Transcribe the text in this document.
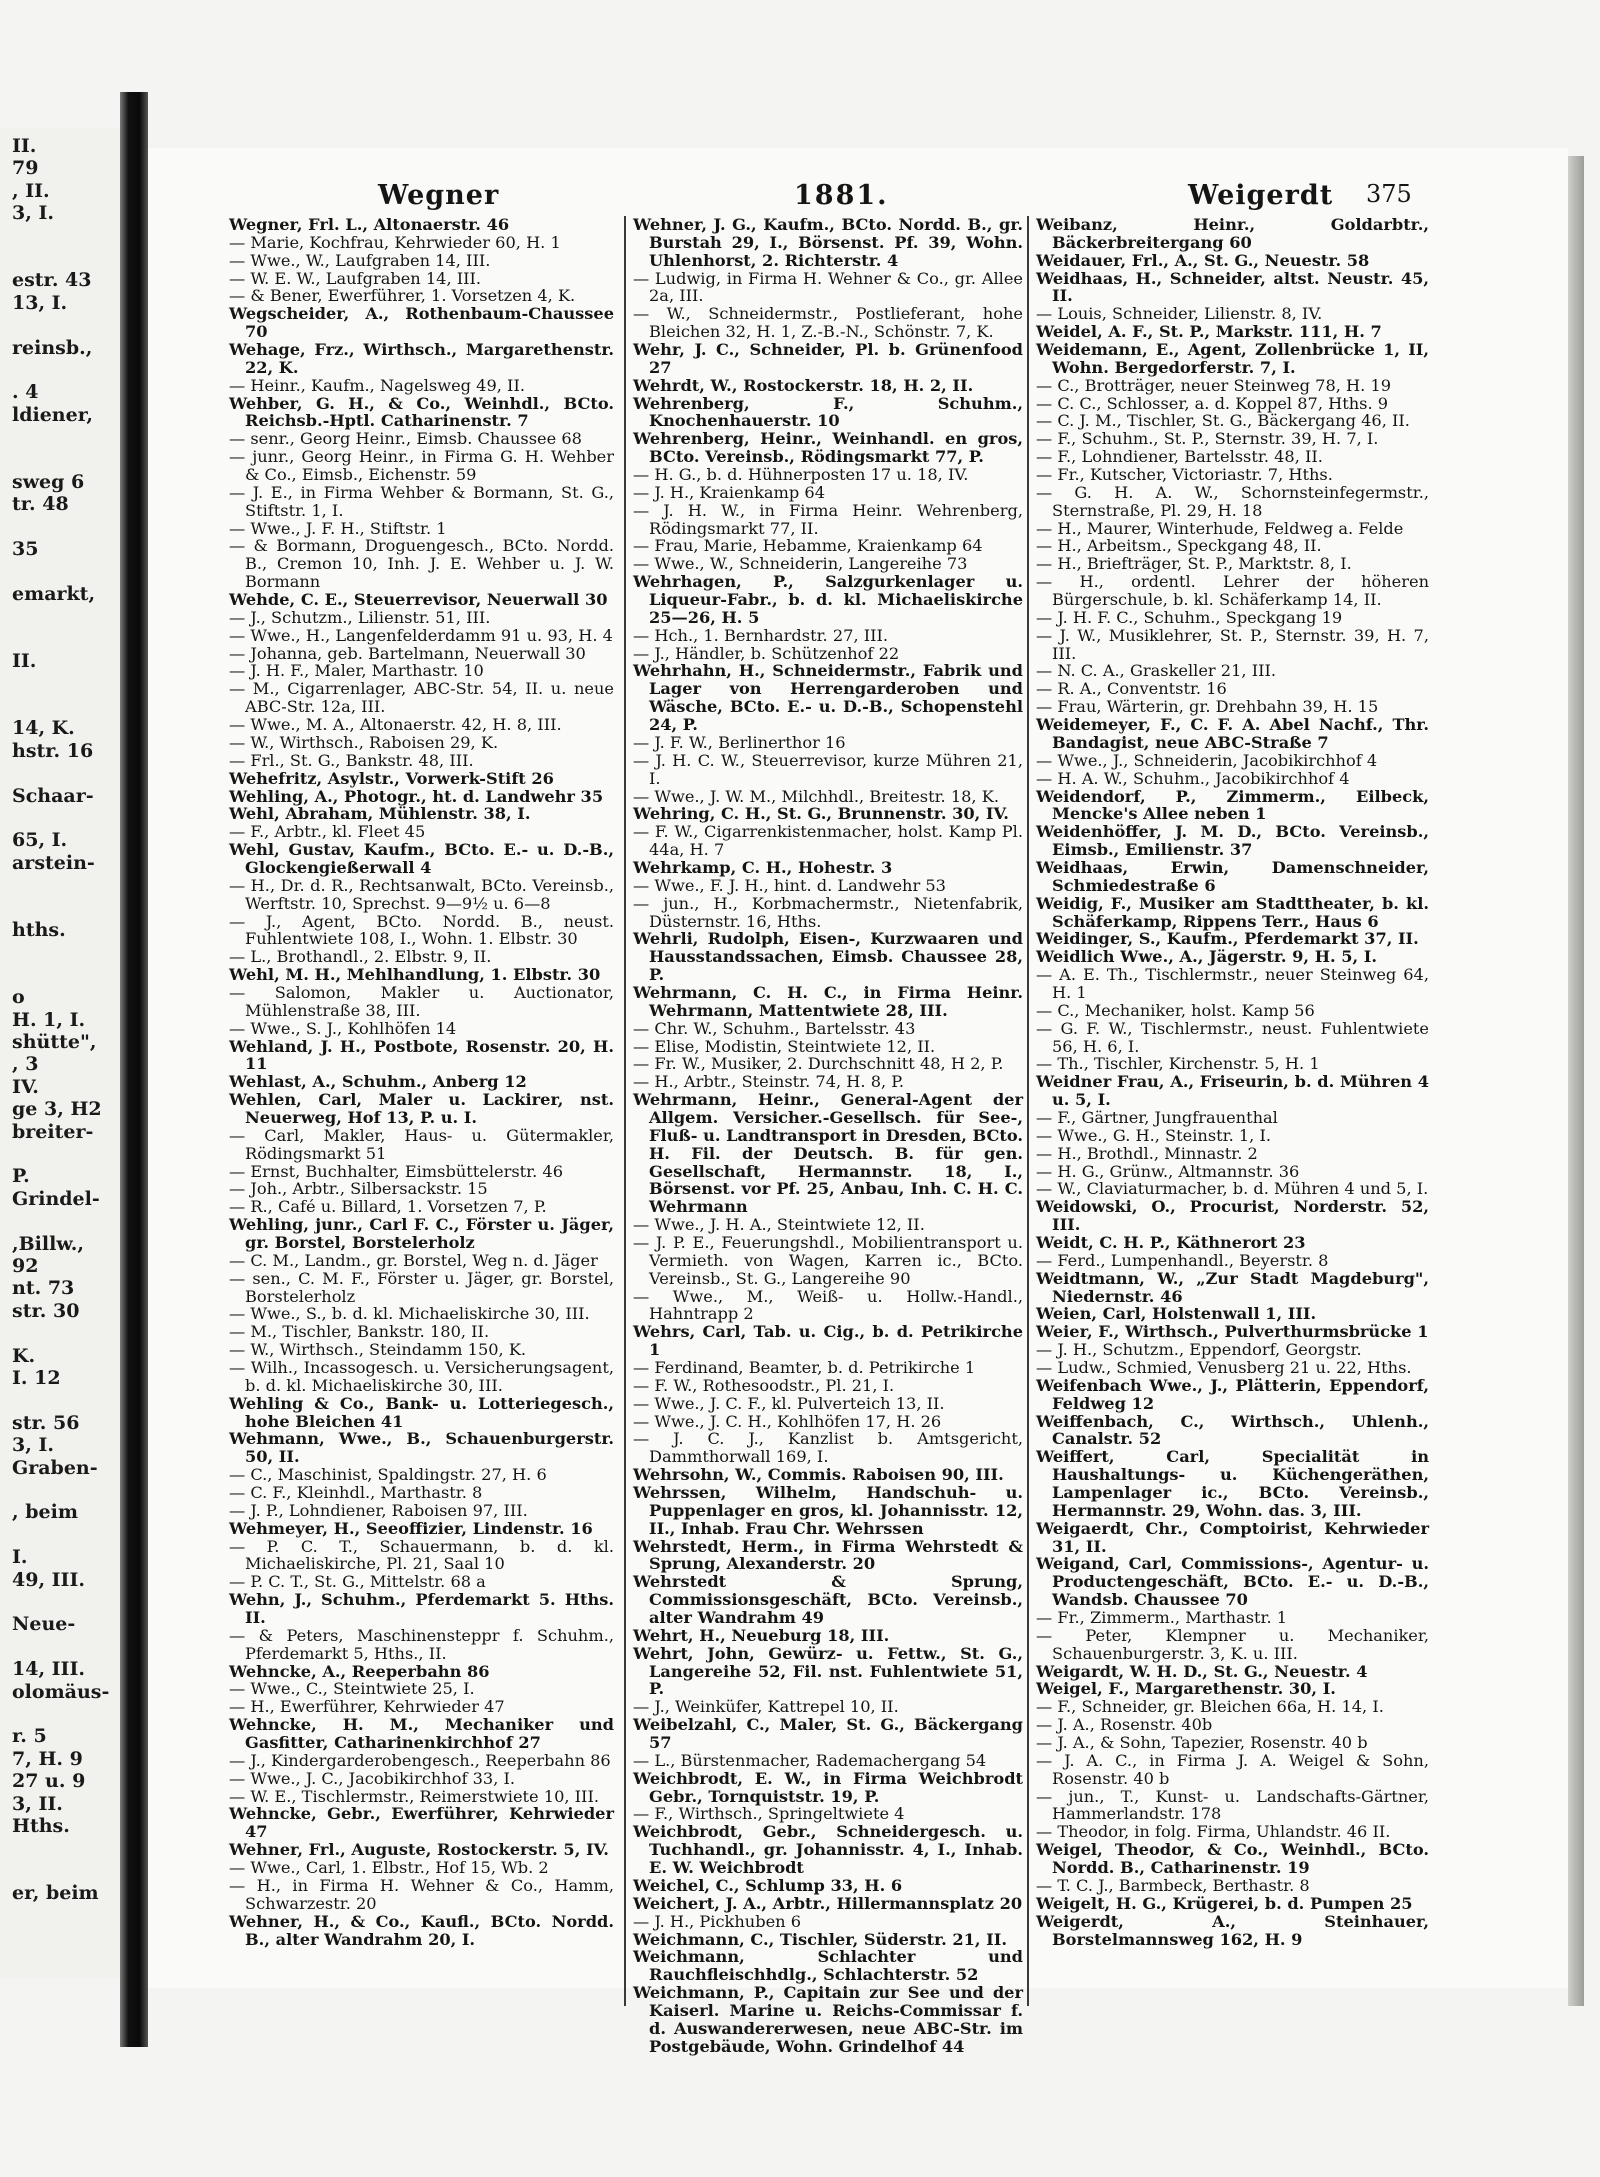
II.
79
, II.
3, I.
estr. 43
13, I.
reinsb.,
. 4
ldiener,
sweg 6
tr. 48
35
emarkt,
II.
14, K.
hstr. 16
Schaar-
65, I.
arstein-
hths.
o
H. 1, I.
shütte",
, 3
IV.
ge 3, H2
breiter-
P.
Grindel-
,Billw.,
92
nt. 73
str. 30
K.
I. 12
str. 56
3, I.
Graben-
, beim
I.
49, III.
Neue-
14, III.
olomäus-
r. 5
7, H. 9
27 u. 9
3, II.
Hths.
er, beim
Wegner	1881.	Weigerdt 375

Wegner, Frl. L., Altonaerstr. 46

— Marie, Kochfrau, Kehrwieder 60, H. 1

— Wwe., W., Laufgraben 14, III.

— W. E. W., Laufgraben 14, III.

— & Bener, Ewerführer, 1. Vorsetzen 4, K.

Wegscheider, A., Rothenbaum-Chaussee 70

Wehage, Frz., Wirthsch., Margarethenstr. 22, K.

— Heinr., Kaufm., Nagelsweg 49, II.

Wehber, G. H., & Co., Weinhdl., BCto. Reichsb.-Hptl. Catharinenstr. 7

— senr., Georg Heinr., Eimsb. Chaussee 68

— junr., Georg Heinr., in Firma G. H. Wehber & Co., Eimsb., Eichenstr. 59

— J. E., in Firma Wehber & Bormann, St. G., Stiftstr. 1, I.

— Wwe., J. F. H., Stiftstr. 1

— & Bormann, Droguengesch., BCto. Nordd. B., Cremon 10, Inh. J. E. Wehber u. J. W. Bormann

Wehde, C. E., Steuerrevisor, Neuerwall 30

— J., Schutzm., Lilienstr. 51, III.

— Wwe., H., Langenfelderdamm 91 u. 93, H. 4

— Johanna, geb. Bartelmann, Neuerwall 30

— J. H. F., Maler, Marthastr. 10

— M., Cigarrenlager, ABC-Str. 54, II. u. neue ABC-Str. 12a, III.

— Wwe., M. A., Altonaerstr. 42, H. 8, III.

— W., Wirthsch., Raboisen 29, K.

— Frl., St. G., Bankstr. 48, III.

Wehefritz, Asylstr., Vorwerk-Stift 26

Wehling, A., Photogr., ht. d. Landwehr 35

Wehl, Abraham, Mühlenstr. 38, I.

— F., Arbtr., kl. Fleet 45

Wehl, Gustav, Kaufm., BCto. E.- u. D.-B., Glockengießerwall 4

— H., Dr. d. R., Rechtsanwalt, BCto. Vereinsb., Werftstr. 10, Sprechst. 9—9½ u. 6—8

— J., Agent, BCto. Nordd. B., neust. Fuhlentwiete 108, I., Wohn. 1. Elbstr. 30

— L., Brothandl., 2. Elbstr. 9, II.

Wehl, M. H., Mehlhandlung, 1. Elbstr. 30

— Salomon, Makler u. Auctionator, Mühlenstraße 38, III.

— Wwe., S. J., Kohlhöfen 14

Wehland, J. H., Postbote, Rosenstr. 20, H. 11

Wehlast, A., Schuhm., Anberg 12

Wehlen, Carl, Maler u. Lackirer, nst. Neuerweg, Hof 13, P. u. I.

— Carl, Makler, Haus- u. Gütermakler, Rödingsmarkt 51

— Ernst, Buchhalter, Eimsbüttelerstr. 46

— Joh., Arbtr., Silbersackstr. 15

— R., Café u. Billard, 1. Vorsetzen 7, P.

Wehling, junr., Carl F. C., Förster u. Jäger, gr. Borstel, Borstelerholz

— C. M., Landm., gr. Borstel, Weg n. d. Jäger

— sen., C. M. F., Förster u. Jäger, gr. Borstel, Borstelerholz

— Wwe., S., b. d. kl. Michaeliskirche 30, III.

— M., Tischler, Bankstr. 180, II.

— W., Wirthsch., Steindamm 150, K.

— Wilh., Incassogesch. u. Versicherungsagent, b. d. kl. Michaeliskirche 30, III.

Wehling & Co., Bank- u. Lotteriegesch., hohe Bleichen 41

Wehmann, Wwe., B., Schauenburgerstr. 50, II.

— C., Maschinist, Spaldingstr. 27, H. 6

— C. F., Kleinhdl., Marthastr. 8

— J. P., Lohndiener, Raboisen 97, III.

Wehmeyer, H., Seeoffizier, Lindenstr. 16

— P. C. T., Schauermann, b. d. kl. Michaeliskirche, Pl. 21, Saal 10

— P. C. T., St. G., Mittelstr. 68 a

Wehn, J., Schuhm., Pferdemarkt 5. Hths. II.

— & Peters, Maschinensteppr f. Schuhm., Pferdemarkt 5, Hths., II.

Wehncke, A., Reeperbahn 86

— Wwe., C., Steintwiete 25, I.

— H., Ewerführer, Kehrwieder 47

Wehncke, H. M., Mechaniker und Gasfitter, Catharinenkirchhof 27

— J., Kindergarderobengesch., Reeperbahn 86

— Wwe., J. C., Jacobikirchhof 33, I.

— W. E., Tischlermstr., Reimerstwiete 10, III.

Wehncke, Gebr., Ewerführer, Kehrwieder 47

Wehner, Frl., Auguste, Rostockerstr. 5, IV.

— Wwe., Carl, 1. Elbstr., Hof 15, Wb. 2

— H., in Firma H. Wehner & Co., Hamm, Schwarzestr. 20

Wehner, H., & Co., Kaufl., BCto. Nordd. B., alter Wandrahm 20, I.

Wehner, J. G., Kaufm., BCto. Nordd. B., gr. Burstah 29, I., Börsenst. Pf. 39, Wohn. Uhlenhorst, 2. Richterstr. 4

— Ludwig, in Firma H. Wehner & Co., gr. Allee 2a, III.

— W., Schneidermstr., Postlieferant, hohe Bleichen 32, H. 1, Z.-B.-N., Schönstr. 7, K.

Wehr, J. C., Schneider, Pl. b. Grünenfood 27

Wehrdt, W., Rostockerstr. 18, H. 2, II.

Wehrenberg, F., Schuhm., Knochenhauerstr. 10

Wehrenberg, Heinr., Weinhandl. en gros, BCto. Vereinsb., Rödingsmarkt 77, P.

— H. G., b. d. Hühnerposten 17 u. 18, IV.

— J. H., Kraienkamp 64

— J. H. W., in Firma Heinr. Wehrenberg, Rödingsmarkt 77, II.

— Frau, Marie, Hebamme, Kraienkamp 64

— Wwe., W., Schneiderin, Langereihe 73

Wehrhagen, P., Salzgurkenlager u. Liqueur-Fabr., b. d. kl. Michaeliskirche 25—26, H. 5

— Hch., 1. Bernhardstr. 27, III.

— J., Händler, b. Schützenhof 22

Wehrhahn, H., Schneidermstr., Fabrik und Lager von Herrengarderoben und Wäsche, BCto. E.- u. D.-B., Schopenstehl 24, P.

— J. F. W., Berlinerthor 16

— J. H. C. W., Steuerrevisor, kurze Mühren 21, I.

— Wwe., J. W. M., Milchhdl., Breitestr. 18, K.

Wehring, C. H., St. G., Brunnenstr. 30, IV.

— F. W., Cigarrenkistenmacher, holst. Kamp Pl. 44a, H. 7

Wehrkamp, C. H., Hohestr. 3

— Wwe., F. J. H., hint. d. Landwehr 53

— jun., H., Korbmachermstr., Nietenfabrik, Düsternstr. 16, Hths.

Wehrli, Rudolph, Eisen-, Kurzwaaren und Hausstandssachen, Eimsb. Chaussee 28, P.

Wehrmann, C. H. C., in Firma Heinr. Wehrmann, Mattentwiete 28, III.

— Chr. W., Schuhm., Bartelsstr. 43

— Elise, Modistin, Steintwiete 12, II.

— Fr. W., Musiker, 2. Durchschnitt 48, H 2, P.

— H., Arbtr., Steinstr. 74, H. 8, P.

Wehrmann, Heinr., General-Agent der Allgem. Versicher.-Gesellsch. für See-, Fluß- u. Landtransport in Dresden, BCto. H. Fil. der Deutsch. B. für gen. Gesellschaft, Hermannstr. 18, I., Börsenst. vor Pf. 25, Anbau, Inh. C. H. C. Wehrmann

— Wwe., J. H. A., Steintwiete 12, II.

— J. P. E., Feuerungshdl., Mobilientransport u. Vermieth. von Wagen, Karren ic., BCto. Vereinsb., St. G., Langereihe 90

— Wwe., M., Weiß- u. Hollw.-Handl., Hahntrapp 2

Wehrs, Carl, Tab. u. Cig., b. d. Petrikirche 1

— Ferdinand, Beamter, b. d. Petrikirche 1

— F. W., Rothesoodstr., Pl. 21, I.

— Wwe., J. C. F., kl. Pulverteich 13, II.

— Wwe., J. C. H., Kohlhöfen 17, H. 26

— J. C. J., Kanzlist b. Amtsgericht, Dammthorwall 169, I.

Wehrsohn, W., Commis. Raboisen 90, III.

Wehrssen, Wilhelm, Handschuh- u. Puppenlager en gros, kl. Johannisstr. 12, II., Inhab. Frau Chr. Wehrssen

Wehrstedt, Herm., in Firma Wehrstedt & Sprung, Alexanderstr. 20

Wehrstedt & Sprung, Commissionsgeschäft, BCto. Vereinsb., alter Wandrahm 49

Wehrt, H., Neueburg 18, III.

Wehrt, John, Gewürz- u. Fettw., St. G., Langereihe 52, Fil. nst. Fuhlentwiete 51, P.

— J., Weinküfer, Kattrepel 10, II.

Weibelzahl, C., Maler, St. G., Bäckergang 57

— L., Bürstenmacher, Rademachergang 54

Weichbrodt, E. W., in Firma Weichbrodt Gebr., Tornquiststr. 19, P.

— F., Wirthsch., Springeltwiete 4

Weichbrodt, Gebr., Schneidergesch. u. Tuchhandl., gr. Johannisstr. 4, I., Inhab. E. W. Weichbrodt

Weichel, C., Schlump 33, H. 6

Weichert, J. A., Arbtr., Hillermannsplatz 20

— J. H., Pickhuben 6

Weichmann, C., Tischler, Süderstr. 21, II.

Weichmann, Schlachter und Rauchfleischhdlg., Schlachterstr. 52

Weichmann, P., Capitain zur See und der Kaiserl. Marine u. Reichs-Commissar f. d. Auswandererwesen, neue ABC-Str. im Postgebäude, Wohn. Grindelhof 44

Weibanz, Heinr., Goldarbtr., Bäckerbreitergang 60

Weidauer, Frl., A., St. G., Neuestr. 58

Weidhaas, H., Schneider, altst. Neustr. 45, II.

— Louis, Schneider, Lilienstr. 8, IV.

Weidel, A. F., St. P., Markstr. 111, H. 7

Weidemann, E., Agent, Zollenbrücke 1, II, Wohn. Bergedorferstr. 7, I.

— C., Brotträger, neuer Steinweg 78, H. 19

— C. C., Schlosser, a. d. Koppel 87, Hths. 9

— C. J. M., Tischler, St. G., Bäckergang 46, II.

— F., Schuhm., St. P., Sternstr. 39, H. 7, I.

— F., Lohndiener, Bartelsstr. 48, II.

— Fr., Kutscher, Victoriastr. 7, Hths.

— G. H. A. W., Schornsteinfegermstr., Sternstraße, Pl. 29, H. 18

— H., Maurer, Winterhude, Feldweg a. Felde

— H., Arbeitsm., Speckgang 48, II.

— H., Briefträger, St. P., Marktstr. 8, I.

— H., ordentl. Lehrer der höheren Bürgerschule, b. kl. Schäferkamp 14, II.

— J. H. F. C., Schuhm., Speckgang 19

— J. W., Musiklehrer, St. P., Sternstr. 39, H. 7, III.

— N. C. A., Graskeller 21, III.

— R. A., Conventstr. 16

— Frau, Wärterin, gr. Drehbahn 39, H. 15

Weidemeyer, F., C. F. A. Abel Nachf., Thr. Bandagist, neue ABC-Straße 7

— Wwe., J., Schneiderin, Jacobikirchhof 4

— H. A. W., Schuhm., Jacobikirchhof 4

Weidendorf, P., Zimmerm., Eilbeck, Mencke's Allee neben 1

Weidenhöffer, J. M. D., BCto. Vereinsb., Eimsb., Emilienstr. 37

Weidhaas, Erwin, Damenschneider, Schmiedestraße 6

Weidig, F., Musiker am Stadttheater, b. kl. Schäferkamp, Rippens Terr., Haus 6

Weidinger, S., Kaufm., Pferdemarkt 37, II.

Weidlich Wwe., A., Jägerstr. 9, H. 5, I.

— A. E. Th., Tischlermstr., neuer Steinweg 64, H. 1

— C., Mechaniker, holst. Kamp 56

— G. F. W., Tischlermstr., neust. Fuhlentwiete 56, H. 6, I.

— Th., Tischler, Kirchenstr. 5, H. 1

Weidner Frau, A., Friseurin, b. d. Mühren 4 u. 5, I.

— F., Gärtner, Jungfrauenthal

— Wwe., G. H., Steinstr. 1, I.

— H., Brothdl., Minnastr. 2

— H. G., Grünw., Altmannstr. 36

— W., Claviaturmacher, b. d. Mühren 4 und 5, I.

Weidowski, O., Procurist, Norderstr. 52, III.

Weidt, C. H. P., Käthnerort 23

— Ferd., Lumpenhandl., Beyerstr. 8

Weidtmann, W., „Zur Stadt Magdeburg", Niedernstr. 46

Weien, Carl, Holstenwall 1, III.

Weier, F., Wirthsch., Pulverthurmsbrücke 1

— J. H., Schutzm., Eppendorf, Georgstr.

— Ludw., Schmied, Venusberg 21 u. 22, Hths.

Weifenbach Wwe., J., Plätterin, Eppendorf, Feldweg 12

Weiffenbach, C., Wirthsch., Uhlenh., Canalstr. 52

Weiffert, Carl, Specialität in Haushaltungs- u. Küchengeräthen, Lampenlager ic., BCto. Vereinsb., Hermannstr. 29, Wohn. das. 3, III.

Weigaerdt, Chr., Comptoirist, Kehrwieder 31, II.

Weigand, Carl, Commissions-, Agentur- u. Productengeschäft, BCto. E.- u. D.-B., Wandsb. Chaussee 70

— Fr., Zimmerm., Marthastr. 1

— Peter, Klempner u. Mechaniker, Schauenburgerstr. 3, K. u. III.

Weigardt, W. H. D., St. G., Neuestr. 4

Weigel, F., Margarethenstr. 30, I.

— F., Schneider, gr. Bleichen 66a, H. 14, I.

— J. A., Rosenstr. 40b

— J. A., & Sohn, Tapezier, Rosenstr. 40 b

— J. A. C., in Firma J. A. Weigel & Sohn, Rosenstr. 40 b

— jun., T., Kunst- u. Landschafts-Gärtner, Hammerlandstr. 178

— Theodor, in folg. Firma, Uhlandstr. 46 II.

Weigel, Theodor, & Co., Weinhdl., BCto. Nordd. B., Catharinenstr. 19

— T. C. J., Barmbeck, Berthastr. 8

Weigelt, H. G., Krügerei, b. d. Pumpen 25

Weigerdt, A., Steinhauer, Borstelmannsweg 162, H. 9
